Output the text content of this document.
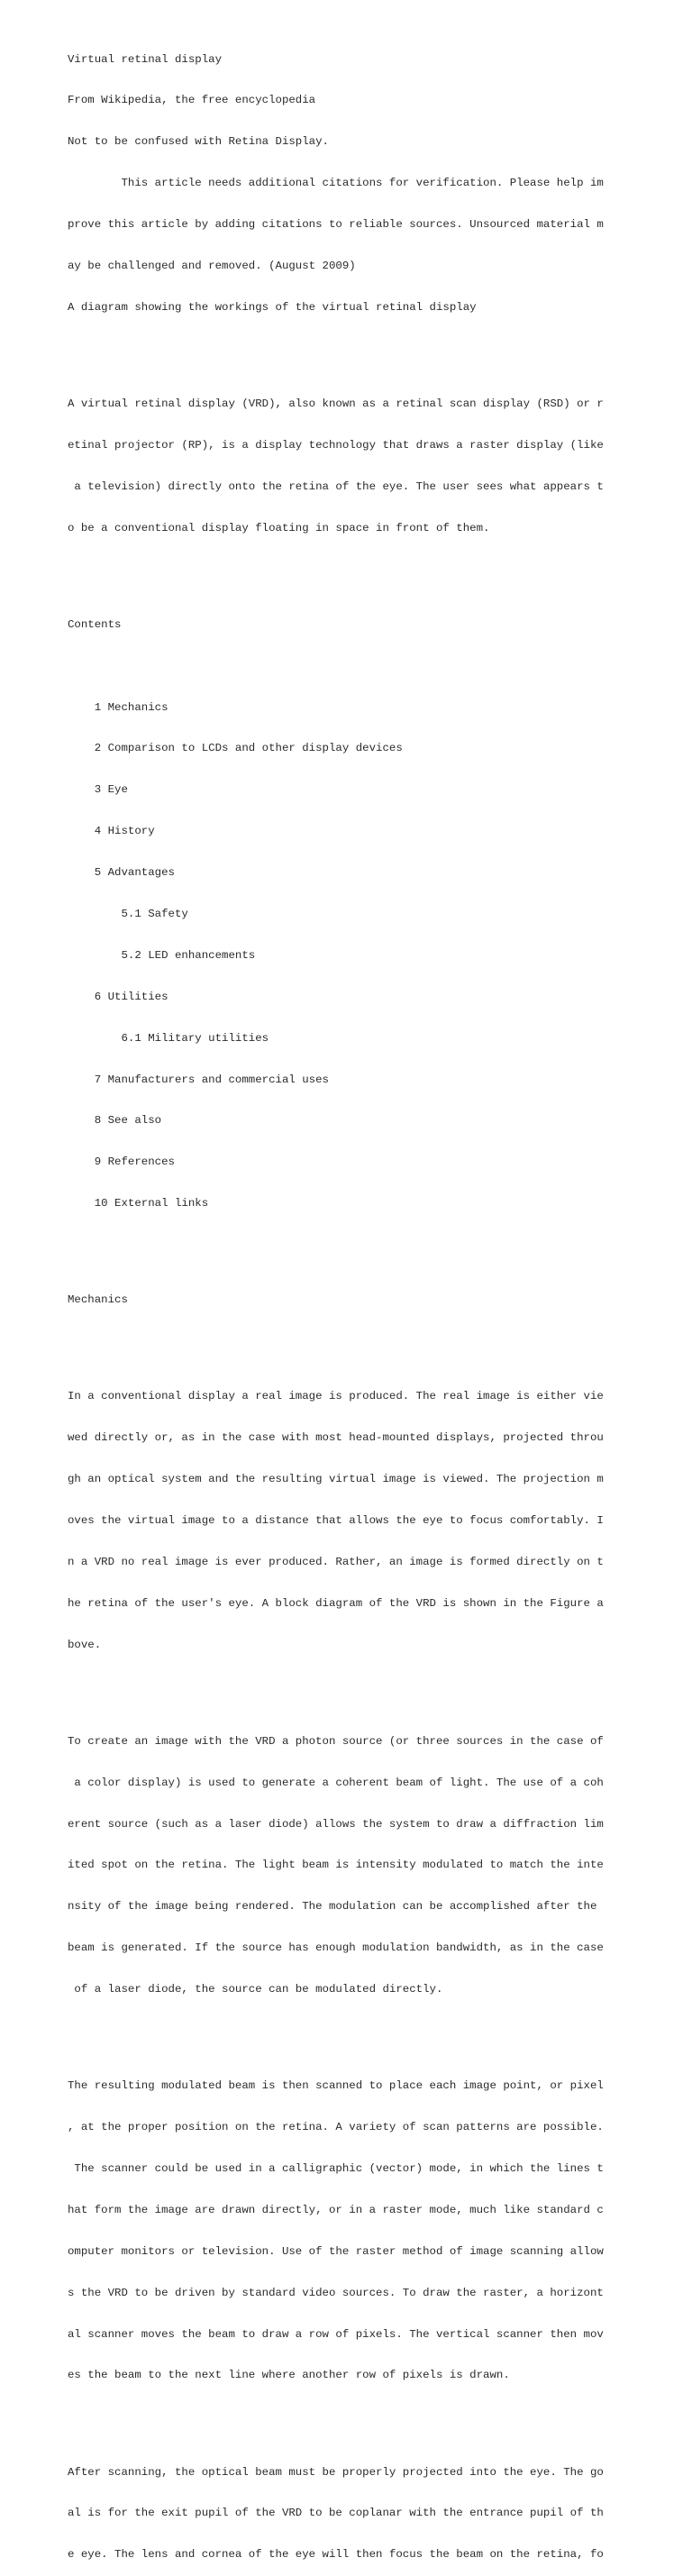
Virtual retinal display

From Wikipedia, the free encyclopedia

Not to be confused with Retina Display.

This article needs additional citations for verification. Please help im

prove this article by adding citations to reliable sources. Unsourced material m

ay be challenged and removed. (August 2009)

A diagram showing the workings of the virtual retinal display

A virtual retinal display (VRD), also known as a retinal scan display (RSD) or r

etinal projector (RP), is a display technology that draws a raster display (like

a television) directly onto the retina of the eye. The user sees what appears t

o be a conventional display floating in space in front of them.

Contents

1 Mechanics

2 Comparison to LCDs and other display devices

3 Eye

4 History

5 Advantages

5.1 Safety

5.2 LED enhancements

6 Utilities

6.1 Military utilities

7 Manufacturers and commercial uses

8 See also

9 References

10 External links

Mechanics

In a conventional display a real image is produced. The real image is either vie

wed directly or, as in the case with most head-mounted displays, projected throu

gh an optical system and the resulting virtual image is viewed. The projection m

oves the virtual image to a distance that allows the eye to focus comfortably. I

n a VRD no real image is ever produced. Rather, an image is formed directly on t

he retina of the user's eye. A block diagram of the VRD is shown in the Figure a

bove.

To create an image with the VRD a photon source (or three sources in the case of

a color display) is used to generate a coherent beam of light. The use of a coh

erent source (such as a laser diode) allows the system to draw a diffraction lim

ited spot on the retina. The light beam is intensity modulated to match the inte

nsity of the image being rendered. The modulation can be accomplished after the

beam is generated. If the source has enough modulation bandwidth, as in the case

of a laser diode, the source can be modulated directly.

The resulting modulated beam is then scanned to place each image point, or pixel

, at the proper position on the retina. A variety of scan patterns are possible.

The scanner could be used in a calligraphic (vector) mode, in which the lines t

hat form the image are drawn directly, or in a raster mode, much like standard c

omputer monitors or television. Use of the raster method of image scanning allow

s the VRD to be driven by standard video sources. To draw the raster, a horizont

al scanner moves the beam to draw a row of pixels. The vertical scanner then mov

es the beam to the next line where another row of pixels is drawn.

After scanning, the optical beam must be properly projected into the eye. The go

al is for the exit pupil of the VRD to be coplanar with the entrance pupil of th

e eye. The lens and cornea of the eye will then focus the beam on the retina, fo
